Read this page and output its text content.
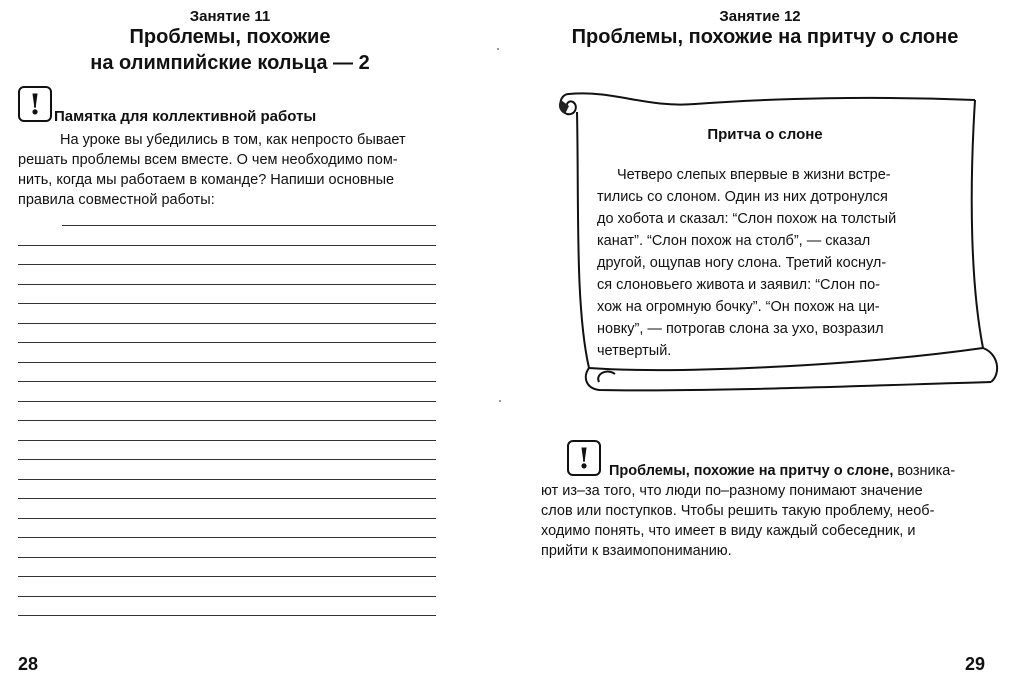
Занятие 11
Проблемы, похожие
на олимпийские кольца — 2
! Памятка для коллективной работы
На уроке вы убедились в том, как непросто бывает
решать проблемы всем вместе. О чем необходимо пом-
нить, когда мы работаем в команде? Напиши основные
правила совместной работы:
28
Занятие 12
Проблемы, похожие на притчу о слоне
Притча о слоне
Четверо слепых впервые в жизни встре-
тились со слоном. Один из них дотронулся
до хобота и сказал: “Слон похож на толстый
канат”. “Слон похож на столб”, — сказал
другой, ощупав ногу слона. Третий коснул-
ся слоновьего живота и заявил: “Слон по-
хож на огромную бочку”. “Он похож на ци-
новку”, — потрогав слона за ухо, возразил
четвертый.
!	Проблемы, похожие на притчу о слоне, возника-
ют из–за того, что люди по–разному понимают значение
слов или поступков. Чтобы решить такую проблему, необ-
ходимо понять, что имеет в виду каждый собеседник, и
прийти к взаимопониманию.
29
